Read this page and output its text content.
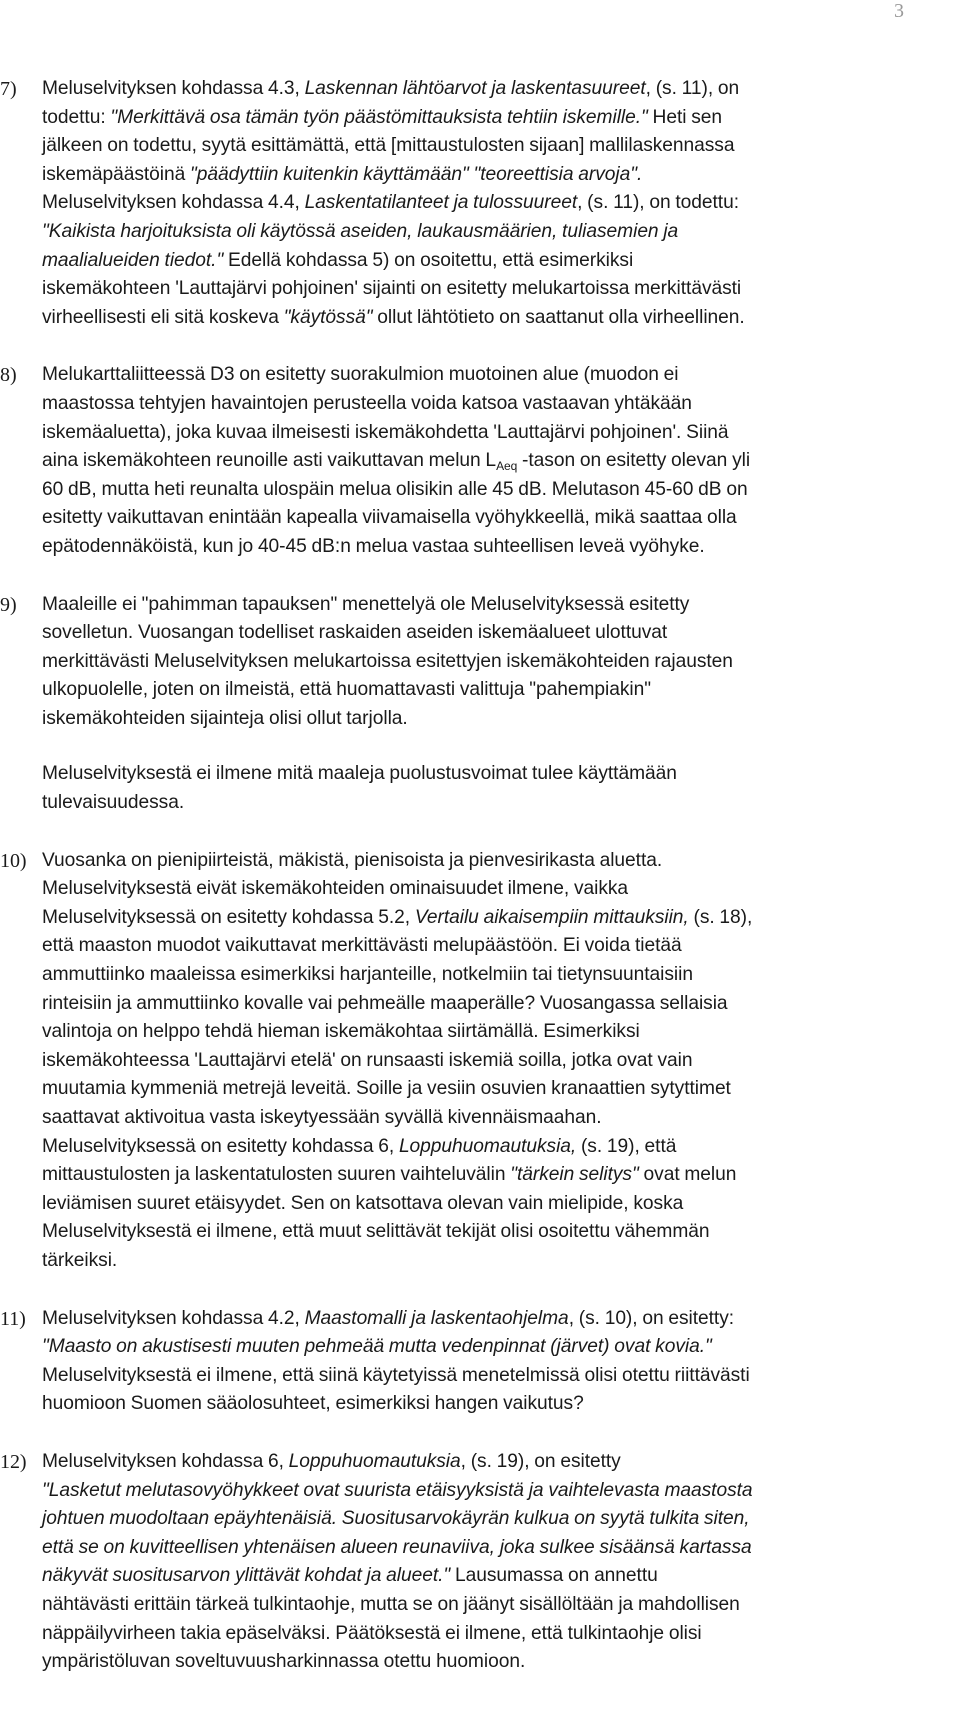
3
7) Meluselvityksen kohdassa 4.3, Laskennan lähtöarvot ja laskentasuureet, (s. 11), on
todettu: "Merkittävä osa tämän työn päästömittauksista tehtiin iskemille." Heti sen
jälkeen on todettu, syytä esittämättä, että [mittaustulosten sijaan] mallilaskennassa
iskemäpäästöinä "päädyttiin kuitenkin käyttämään" "teoreettisia arvoja".
Meluselvityksen kohdassa 4.4, Laskentatilanteet ja tulossuureet, (s. 11), on todettu:
"Kaikista harjoituksista oli käytössä aseiden, laukausmäärien, tuliasemien ja
maalialueiden tiedot." Edellä kohdassa 5) on osoitettu, että esimerkiksi
iskemäkohteen 'Lauttajärvi pohjoinen' sijainti on esitetty melukartoissa merkittävästi
virheellisesti eli sitä koskeva "käytössä" ollut lähtötieto on saattanut olla virheellinen.

8) Melukarttaliitteessä D3 on esitetty suorakulmion muotoinen alue (muodon ei
maastossa tehtyjen havaintojen perusteella voida katsoa vastaavan yhtäkään
iskemäaluetta), joka kuvaa ilmeisesti iskemäkohdetta 'Lauttajärvi pohjoinen'. Siinä
aina iskemäkohteen reunoille asti vaikuttavan melun $L_{Aeq}$ -tason on esitetty olevan yli
60 dB, mutta heti reunalta ulospäin melua olisikin alle 45 dB. Melutason 45-60 dB on
esitetty vaikuttavan enintään kapealla viivamaisella vyöhykkeellä, mikä saattaa olla
epätodennäköistä, kun jo 40-45 dB:n melua vastaa suhteellisen leveä vyöhyke.

9) Maaleille ei "pahimman tapauksen" menettelyä ole Meluselvityksessä esitetty
sovelletun. Vuosangan todelliset raskaiden aseiden iskemäalueet ulottuvat
merkittävästi Meluselvityksen melukartoissa esitettyjen iskemäkohteiden rajausten
ulkopuolelle, joten on ilmeistä, että huomattavasti valittuja "pahempiakin"
iskemäkohteiden sijainteja olisi ollut tarjolla.

Meluselvityksestä ei ilmene mitä maaleja puolustusvoimat tulee käyttämään
tulevaisuudessa.

10) Vuosanka on pienipiirteistä, mäkistä, pienisoista ja pienvesirikasta aluetta.
Meluselvityksestä eivät iskemäkohteiden ominaisuudet ilmene, vaikka
Meluselvityksessä on esitetty kohdassa 5.2, Vertailu aikaisempiin mittauksiin, (s. 18),
että maaston muodot vaikuttavat merkittävästi melupäästöön. Ei voida tietää
ammuttiinko maaleissa esimerkiksi harjanteille, notkelmiin tai tietynsuuntaisiin
rinteisiin ja ammuttiinko kovalle vai pehmeälle maaperälle? Vuosangassa sellaisia
valintoja on helppo tehdä hieman iskemäkohtaa siirtämällä. Esimerkiksi
iskemäkohteessa 'Lauttajärvi etelä' on runsaasti iskemiä soilla, jotka ovat vain
muutamia kymmeniä metrejä leveitä. Soille ja vesiin osuvien kranaattien sytyttimet
saattavat aktivoitua vasta iskeytyessään syvällä kivennäismaahan.
Meluselvityksessä on esitetty kohdassa 6, Loppuhuomautuksia, (s. 19), että
mittaustulosten ja laskentatulosten suuren vaihteluvälin "tärkein selitys" ovat melun
leviämisen suuret etäisyydet. Sen on katsottava olevan vain mielipide, koska
Meluselvityksestä ei ilmene, että muut selittävät tekijät olisi osoitettu vähemmän
tärkeiksi.

11) Meluselvityksen kohdassa 4.2, Maastomalli ja laskentaohjelma, (s. 10), on esitetty:
"Maasto on akustisesti muuten pehmeää mutta vedenpinnat (järvet) ovat kovia."
Meluselvityksestä ei ilmene, että siinä käytetyissä menetelmissä olisi otettu riittävästi
huomioon Suomen sääolosuhteet, esimerkiksi hangen vaikutus?

12) Meluselvityksen kohdassa 6, Loppuhuomautuksia, (s. 19), on esitetty
"Lasketut melutasovyöhykkeet ovat suurista etäisyyksistä ja vaihtelevasta maastosta
johtuen muodoltaan epäyhtenäisiä. Suositusarvokäyrän kulkua on syytä tulkita siten,
että se on kuvitteellisen yhtenäisen alueen reunaviiva, joka sulkee sisäänsä kartassa
näkyvät suositusarvon ylittävät kohdat ja alueet." Lausumassa on annettu
nähtävästi erittäin tärkeä tulkintaohje, mutta se on jäänyt sisällöltään ja mahdollisen
näppäilyvirheen takia epäselväksi. Päätöksestä ei ilmene, että tulkintaohje olisi
ympäristöluvan soveltuvuusharkinnassa otettu huomioon.
